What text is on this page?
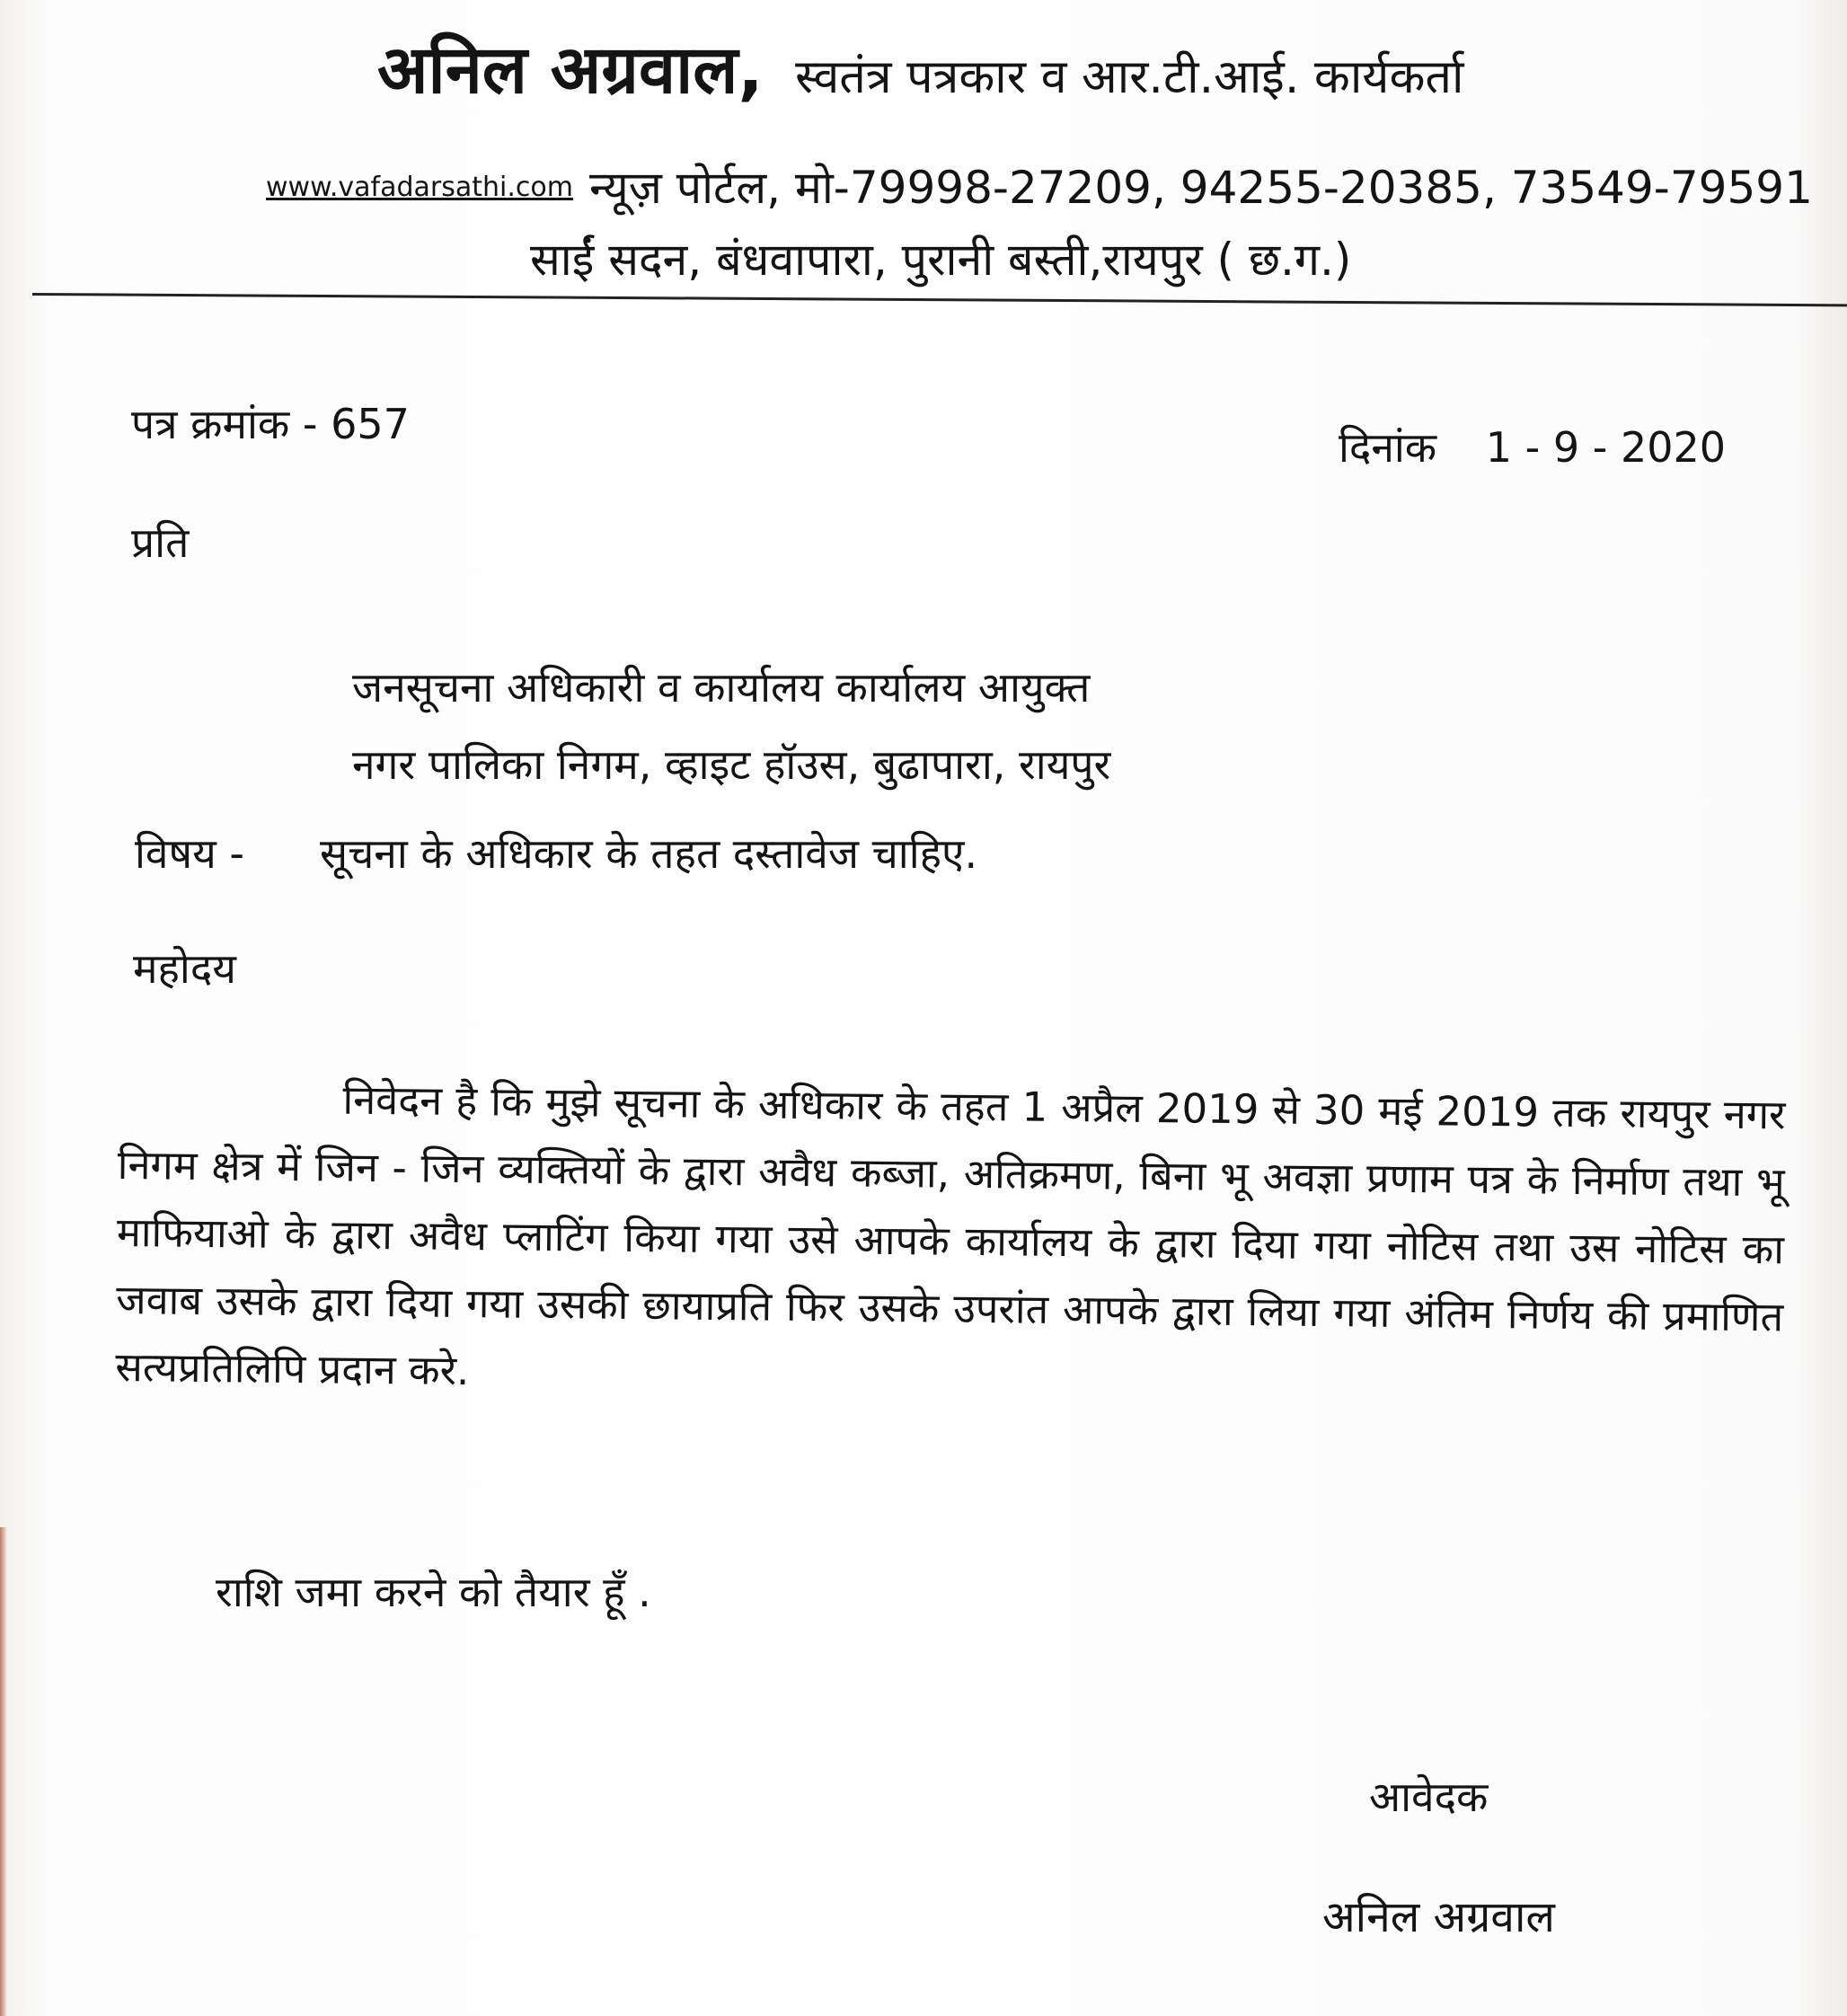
अनिल अग्रवाल, स्वतंत्र पत्रकार व आर.टी.आई. कार्यकर्ता
www.vafadarsathi.com न्यूज़ पोर्टल, मो-79998-27209, 94255-20385, 73549-79591
साईं सदन, बंधवापारा, पुरानी बस्ती,रायपुर ( छ.ग.)
पत्र क्रमांक - 657	दिनांक 1 - 9 - 2020
प्रति
जनसूचना अधिकारी व कार्यालय कार्यालय आयुक्त
नगर पालिका निगम, व्हाइट हॉउस, बुढापारा, रायपुर
विषय - सूचना के अधिकार के तहत दस्तावेज चाहिए.
महोदय
निवेदन है कि मुझे सूचना के अधिकार के तहत 1 अप्रैल 2019 से 30 मई 2019 तक रायपुर नगर निगम क्षेत्र में जिन - जिन व्यक्तियों के द्वारा अवैध कब्जा, अतिक्रमण, बिना भू अवज्ञा प्रणाम पत्र के निर्माण तथा भू माफियाओ के द्वारा अवैध प्लाटिंग किया गया उसे आपके कार्यालय के द्वारा दिया गया नोटिस तथा उस नोटिस का जवाब उसके द्वारा दिया गया उसकी छायाप्रति फिर उसके उपरांत आपके द्वारा लिया गया अंतिम निर्णय की प्रमाणित सत्यप्रतिलिपि प्रदान करे.
राशि जमा करने को तैयार हूँ .
आवेदक
अनिल अग्रवाल
